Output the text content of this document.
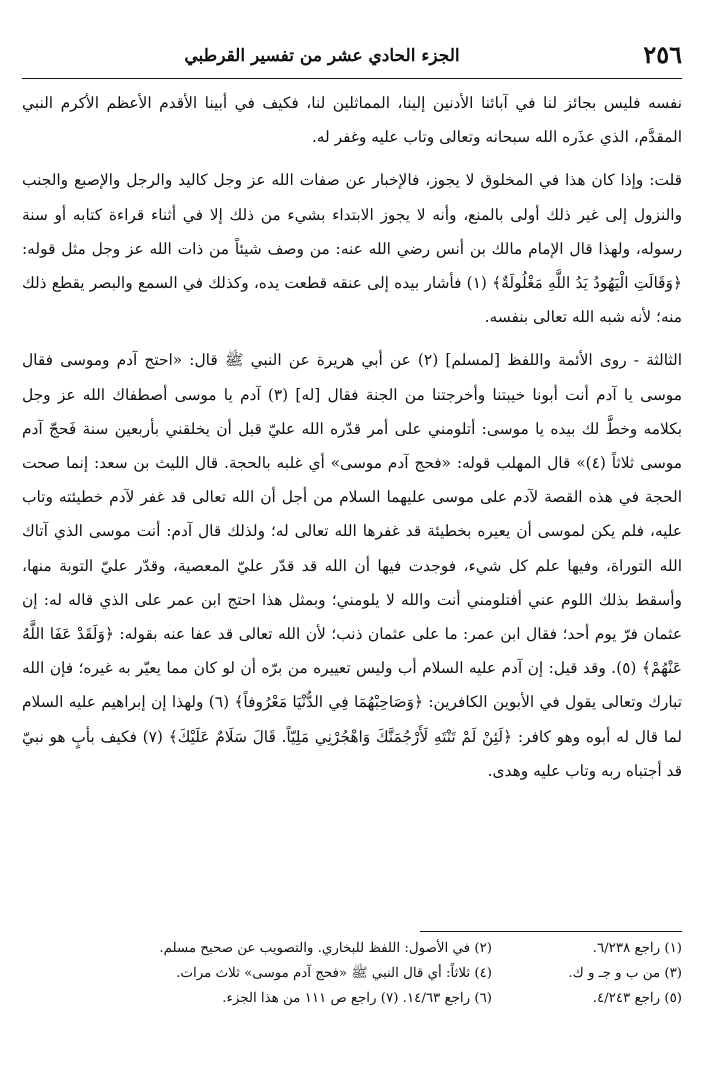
٢٥٦
الجزء الحادي عشر من تفسير القرطبي

نفسه فليس بجائز لنا في آبائنا الأدنين إلينا، المماثلين لنا، فكيف في أبينا الأقدم الأعظم الأكرم النبي المقدَّم، الذي عذَره الله سبحانه وتعالى وتاب عليه وغفر له.

قلت: وإذا كان هذا في المخلوق لا يجوز، فالإخبار عن صفات الله عز وجل كاليد والرجل والإصبع والجنب والنزول إلى غير ذلك أولى بالمنع، وأنه لا يجوز الابتداء بشيء من ذلك إلا في أثناء قراءة كتابه أو سنة رسوله، ولهذا قال الإمام مالك بن أنس رضي الله عنه: من وصف شيئاً من ذات الله عز وجل مثل قوله: ﴿وَقَالَتِ الْيَهُودُ يَدُ اللَّهِ مَغْلُولَةٌ﴾ (١) فأشار بيده إلى عنقه قطعت يده، وكذلك في السمع والبصر يقطع ذلك منه؛ لأنه شبه الله تعالى بنفسه.

الثالثة - روى الأئمة واللفظ [لمسلم] (٢) عن أبي هريرة عن النبي ﷺ قال: «احتج آدم وموسى فقال موسى يا آدم أنت أبونا خيبتنا وأخرجتنا من الجنة فقال [له] (٣) آدم يا موسى أصطفاك الله عز وجل بكلامه وخطَّ لك بيده يا موسى: أتلومني على أمر قدّره الله عليّ قبل أن يخلقني بأربعين سنة فَحجّ آدم موسى ثلاثاً (٤)» قال المهلب قوله: «فحج آدم موسى» أي غلبه بالحجة. قال الليث بن سعد: إنما صحت الحجة في هذه القصة لآدم على موسى عليهما السلام من أجل أن الله تعالى قد غفر لآدم خطيئته وتاب عليه، فلم يكن لموسى أن يعيره بخطيئة قد غفرها الله تعالى له؛ ولذلك قال آدم: أنت موسى الذي آتاك الله التوراة، وفيها علم كل شيء، فوجدت فيها أن الله قد قدّر عليّ المعصية، وقدّر عليّ التوبة منها، وأسقط بذلك اللوم عني أفتلومني أنت والله لا يلومني؛ وبمثل هذا احتج ابن عمر على الذي قاله له: إن عثمان فرّ يوم أحد؛ فقال ابن عمر: ما على عثمان ذنب؛ لأن الله تعالى قد عفا عنه بقوله: ﴿وَلَقَدْ عَفَا اللَّهُ عَنْهُمْ﴾ (٥). وقد قيل: إن آدم عليه السلام أب وليس تعييره من برّه أن لو كان مما يعيّر به غيره؛ فإن الله تبارك وتعالى يقول في الأبوين الكافرين: ﴿وَصَاحِبْهُمَا فِي الدُّنْيَا مَعْرُوفاً﴾ (٦) ولهذا إن إبراهيم عليه السلام لما قال له أبوه وهو كافر: ﴿لَئِنْ لَمْ تَنْتَهِ لَأَرْجُمَنَّكَ وَاهْجُرْنِي مَلِيّاً. قَالَ سَلَامٌ عَلَيْكَ﴾ (٧) فكيف بأبٍ هو نبيّ قد أجتباه ربه وتاب عليه وهدى.

(١) راجع ٦/٢٣٨.
(٢) في الأصول: اللفظ للبخاري. والتصويب عن صحيح مسلم.
(٣) من ب و جـ و ك.
(٤) ثلاثاً: أي قال النبي ﷺ «فحج آدم موسى» ثلاث مرات.
(٥) راجع ٤/٢٤٣.
(٦) راجع ١٤/٦٣. (٧) راجع ص ١١١ من هذا الجزء.
